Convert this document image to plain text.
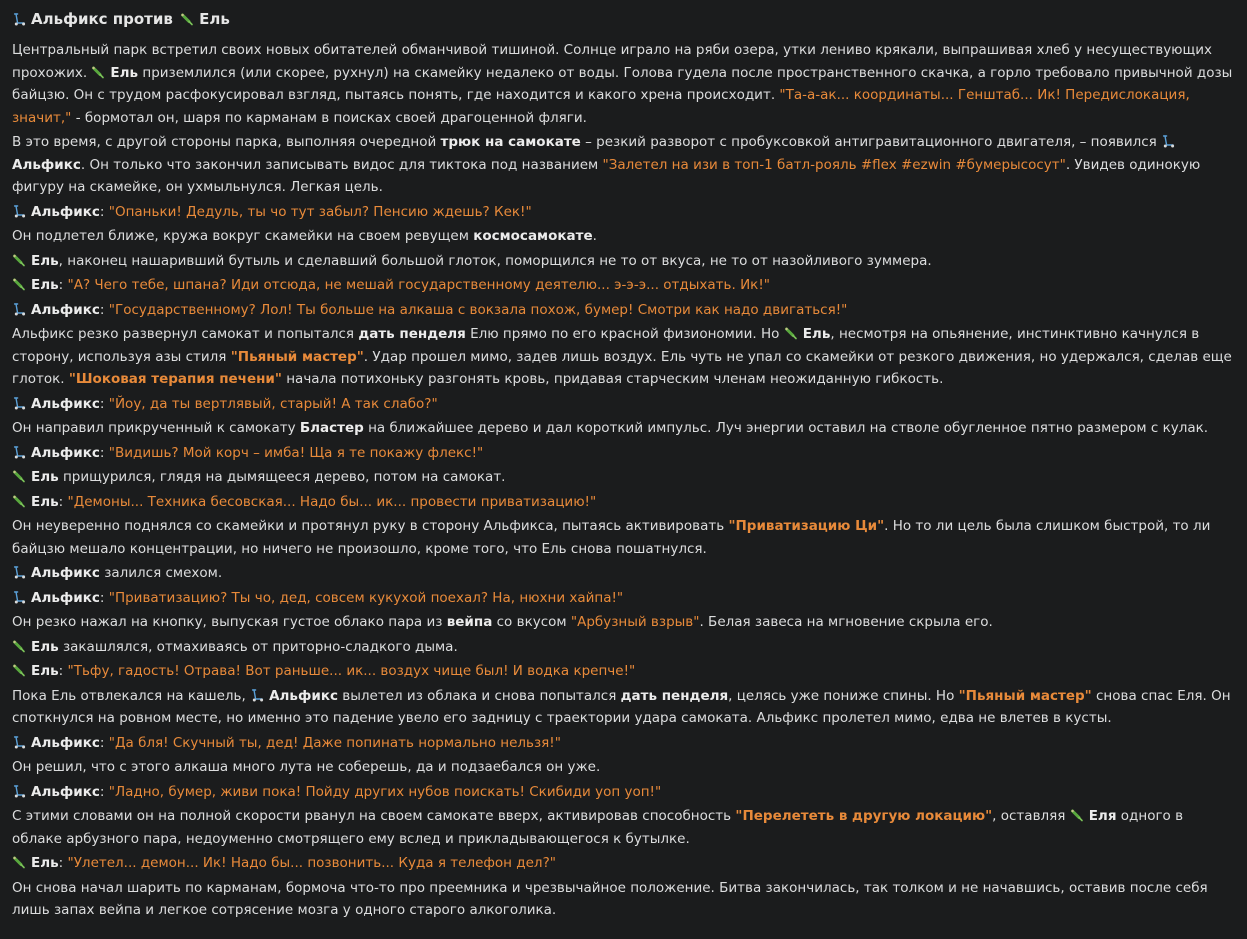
Альфикс против Ель
Центральный парк встретил своих новых обитателей обманчивой тишиной. Солнце играло на ряби озера, утки лениво крякали, выпрашивая хлеб у несуществующих прохожих.
Ель приземлился (или скорее, рухнул) на скамейку недалеко от воды. Голова гудела после пространственного скачка, а горло требовало привычной дозы байцзю. Он с трудом расфокусировал взгляд, пытаясь понять, где находится и какого хрена происходит. "Та-а-ак... координаты... Генштаб... Ик! Передислокация, значит," - бормотал он, шаря по карманам в поисках своей драгоценной фляги.
В это время, с другой стороны парка, выполняя очередной трюк на самокате – резкий разворот с пробуксовкой антигравитационного двигателя, – появился
Альфикс. Он только что закончил записывать видос для тиктока под названием "Залетел на изи в топ-1 батл-рояль #flex #ezwin #бумерысосут". Увидев одинокую фигуру на скамейке, он ухмыльнулся. Легкая цель.
Альфикс: "Опаньки! Дедуль, ты чо тут забыл? Пенсию ждешь? Кек!"
Он подлетел ближе, кружа вокруг скамейки на своем ревущем космосамокате.
Ель, наконец нашаривший бутыль и сделавший большой глоток, поморщился не то от вкуса, не то от назойливого зуммера.
Ель: "А? Чего тебе, шпана? Иди отсюда, не мешай государственному деятелю... э-э-э... отдыхать. Ик!"
Альфикс: "Государственному? Лол! Ты больше на алкаша с вокзала похож, бумер! Смотри как надо двигаться!"
Альфикс резко развернул самокат и попытался дать пенделя Елю прямо по его красной физиономии. Но
Ель, несмотря на опьянение, инстинктивно качнулся в сторону, используя азы стиля "Пьяный мастер". Удар прошел мимо, задев лишь воздух. Ель чуть не упал со скамейки от резкого движения, но удержался, сделав еще глоток. "Шоковая терапия печени" начала потихоньку разгонять кровь, придавая старческим членам неожиданную гибкость.
Альфикс: "Йоу, да ты вертлявый, старый! А так слабо?"
Он направил прикрученный к самокату Бластер на ближайшее дерево и дал короткий импульс. Луч энергии оставил на стволе обугленное пятно размером с кулак.
Альфикс: "Видишь? Мой корч – имба! Ща я те покажу флекс!"
Ель прищурился, глядя на дымящееся дерево, потом на самокат.
Ель: "Демоны... Техника бесовская... Надо бы... ик... провести приватизацию!"
Он неуверенно поднялся со скамейки и протянул руку в сторону Альфикса, пытаясь активировать "Приватизацию Ци". Но то ли цель была слишком быстрой, то ли байцзю мешало концентрации, но ничего не произошло, кроме того, что Ель снова пошатнулся.
Альфикс залился смехом.
Альфикс: "Приватизацию? Ты чо, дед, совсем кукухой поехал? На, нюхни хайпа!"
Он резко нажал на кнопку, выпуская густое облако пара из вейпа со вкусом "Арбузный взрыв". Белая завеса на мгновение скрыла его.
Ель закашлялся, отмахиваясь от приторно-сладкого дыма.
Ель: "Тьфу, гадость! Отрава! Вот раньше... ик... воздух чище был! И водка крепче!"
Пока Ель отвлекался на кашель,
Альфикс вылетел из облака и снова попытался дать пенделя, целясь уже пониже спины. Но "Пьяный мастер" снова спас Еля. Он споткнулся на ровном месте, но именно это падение увело его задницу с траектории удара самоката. Альфикс пролетел мимо, едва не влетев в кусты.
Альфикс: "Да бля! Скучный ты, дед! Даже попинать нормально нельзя!"
Он решил, что с этого алкаша много лута не соберешь, да и подзаебался он уже.
Альфикс: "Ладно, бумер, живи пока! Пойду других нубов поискать! Скибиди yoп yoп!"
С этими словами он на полной скорости рванул на своем самокате вверх, активировав способность "Перелететь в другую локацию", оставляя
Еля одного в облаке арбузного пара, недоуменно смотрящего ему вслед и прикладывающегося к бутылке.
Ель: "Улетел... демон... Ик! Надо бы... позвонить... Куда я телефон дел?"
Он снова начал шарить по карманам, бормоча что-то про преемника и чрезвычайное положение. Битва закончилась, так толком и не начавшись, оставив после себя лишь запах вейпа и легкое сотрясение мозга у одного старого алкоголика.
